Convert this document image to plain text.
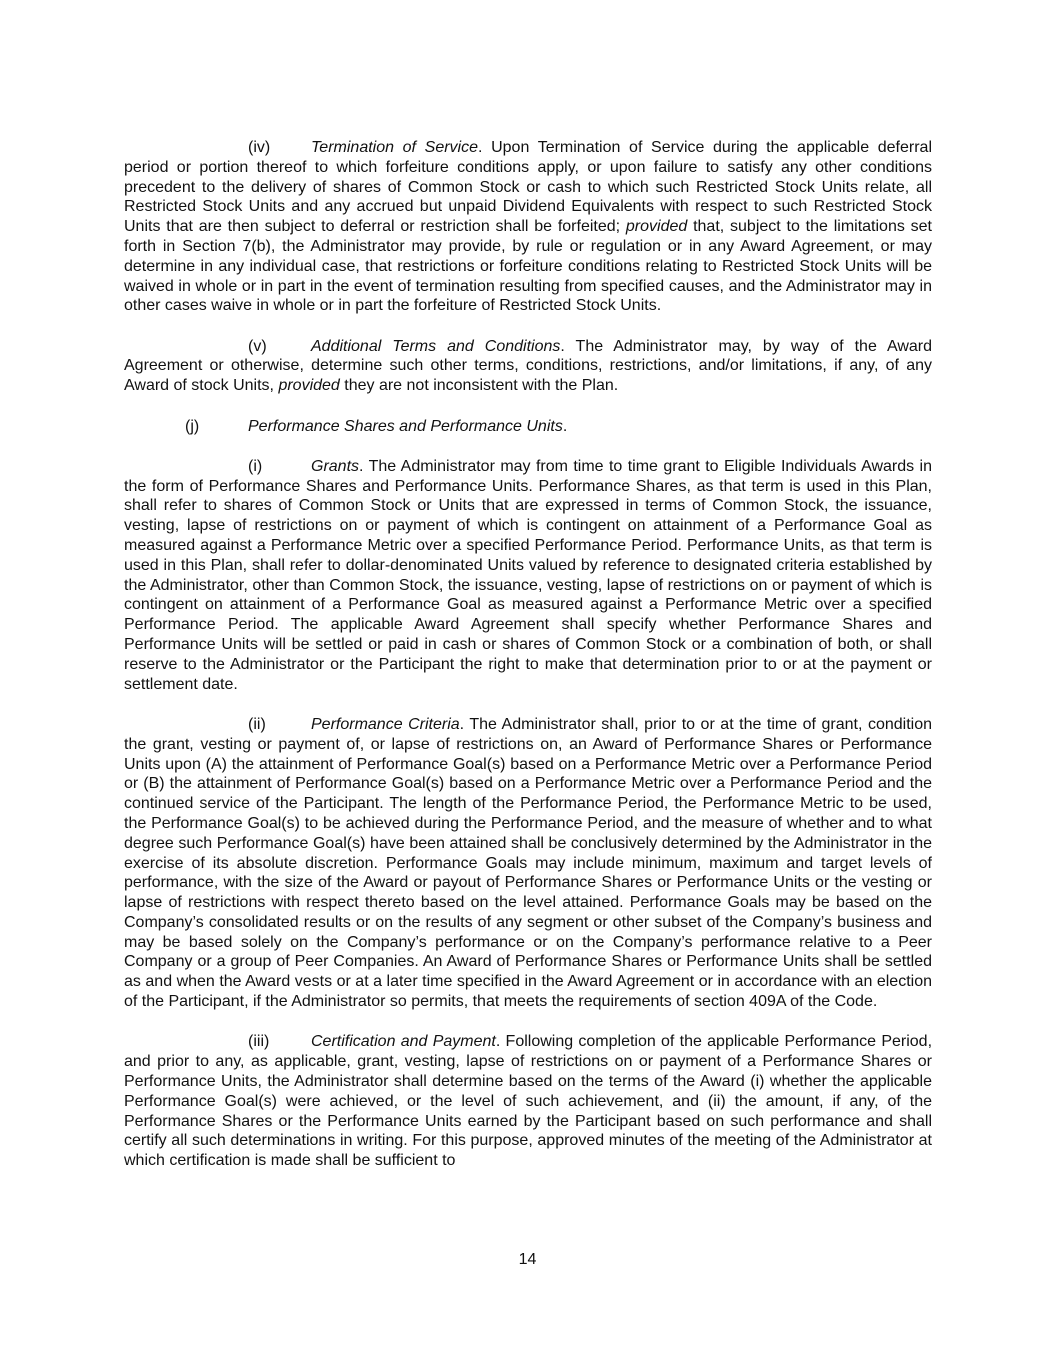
(iv)	Termination of Service. Upon Termination of Service during the applicable deferral period or portion thereof to which forfeiture conditions apply, or upon failure to satisfy any other conditions precedent to the delivery of shares of Common Stock or cash to which such Restricted Stock Units relate, all Restricted Stock Units and any accrued but unpaid Dividend Equivalents with respect to such Restricted Stock Units that are then subject to deferral or restriction shall be forfeited; provided that, subject to the limitations set forth in Section 7(b), the Administrator may provide, by rule or regulation or in any Award Agreement, or may determine in any individual case, that restrictions or forfeiture conditions relating to Restricted Stock Units will be waived in whole or in part in the event of termination resulting from specified causes, and the Administrator may in other cases waive in whole or in part the forfeiture of Restricted Stock Units.

(v)	Additional Terms and Conditions. The Administrator may, by way of the Award Agreement or otherwise, determine such other terms, conditions, restrictions, and/or limitations, if any, of any Award of stock Units, provided they are not inconsistent with the Plan.

(j)	Performance Shares and Performance Units.

(i)	Grants. The Administrator may from time to time grant to Eligible Individuals Awards in the form of Performance Shares and Performance Units. Performance Shares, as that term is used in this Plan, shall refer to shares of Common Stock or Units that are expressed in terms of Common Stock, the issuance, vesting, lapse of restrictions on or payment of which is contingent on attainment of a Performance Goal as measured against a Performance Metric over a specified Performance Period. Performance Units, as that term is used in this Plan, shall refer to dollar-denominated Units valued by reference to designated criteria established by the Administrator, other than Common Stock, the issuance, vesting, lapse of restrictions on or payment of which is contingent on attainment of a Performance Goal as measured against a Performance Metric over a specified Performance Period. The applicable Award Agreement shall specify whether Performance Shares and Performance Units will be settled or paid in cash or shares of Common Stock or a combination of both, or shall reserve to the Administrator or the Participant the right to make that determination prior to or at the payment or settlement date.

(ii)	Performance Criteria. The Administrator shall, prior to or at the time of grant, condition the grant, vesting or payment of, or lapse of restrictions on, an Award of Performance Shares or Performance Units upon (A) the attainment of Performance Goal(s) based on a Performance Metric over a Performance Period or (B) the attainment of Performance Goal(s) based on a Performance Metric over a Performance Period and the continued service of the Participant. The length of the Performance Period, the Performance Metric to be used, the Performance Goal(s) to be achieved during the Performance Period, and the measure of whether and to what degree such Performance Goal(s) have been attained shall be conclusively determined by the Administrator in the exercise of its absolute discretion. Performance Goals may include minimum, maximum and target levels of performance, with the size of the Award or payout of Performance Shares or Performance Units or the vesting or lapse of restrictions with respect thereto based on the level attained. Performance Goals may be based on the Company’s consolidated results or on the results of any segment or other subset of the Company’s business and may be based solely on the Company’s performance or on the Company’s performance relative to a Peer Company or a group of Peer Companies. An Award of Performance Shares or Performance Units shall be settled as and when the Award vests or at a later time specified in the Award Agreement or in accordance with an election of the Participant, if the Administrator so permits, that meets the requirements of section 409A of the Code.

(iii)	Certification and Payment. Following completion of the applicable Performance Period, and prior to any, as applicable, grant, vesting, lapse of restrictions on or payment of a Performance Shares or Performance Units, the Administrator shall determine based on the terms of the Award (i) whether the applicable Performance Goal(s) were achieved, or the level of such achievement, and (ii) the amount, if any, of the Performance Shares or the Performance Units earned by the Participant based on such performance and shall certify all such determinations in writing. For this purpose, approved minutes of the meeting of the Administrator at which certification is made shall be sufficient to

14
